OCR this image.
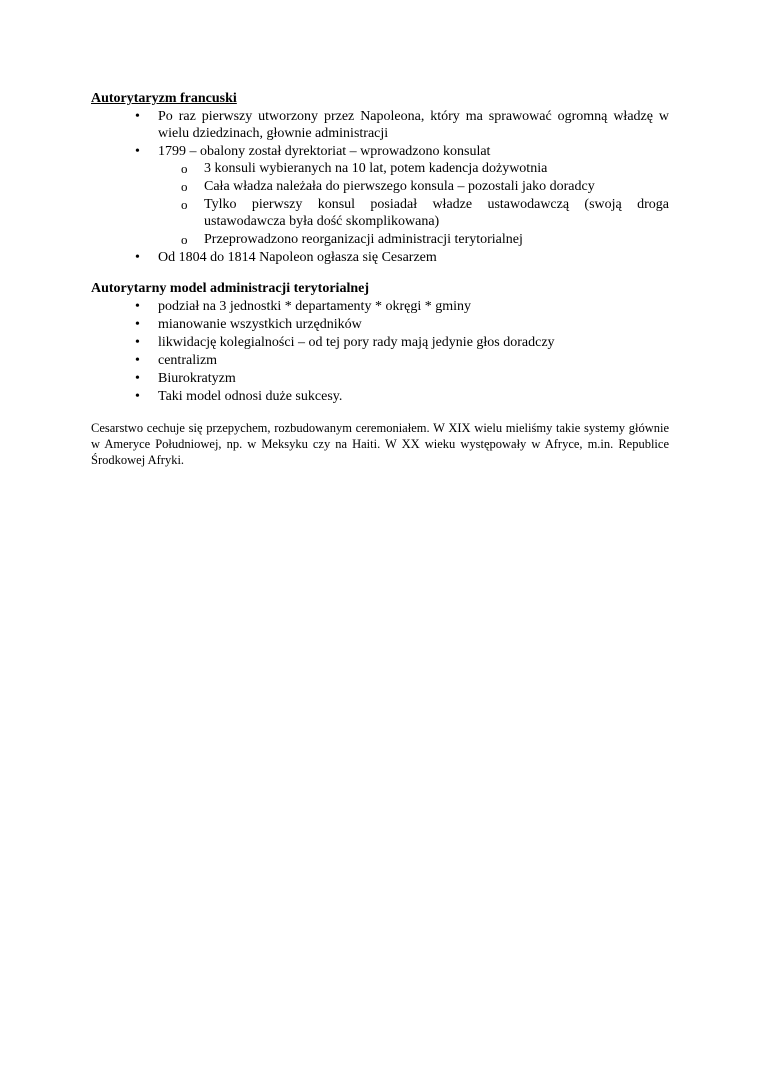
Autorytaryzm francuski
• Po raz pierwszy utworzony przez Napoleona, który ma sprawować ogromną władzę w wielu dziedzinach, głownie administracji
• 1799 – obalony został dyrektoriat – wprowadzono konsulat
o 3 konsuli wybieranych na 10 lat, potem kadencja dożywotnia
o Cała władza należała do pierwszego konsula – pozostali jako doradcy
o Tylko pierwszy konsul posiadał władze ustawodawczą (swoją droga ustawodawcza była dość skomplikowana)
o Przeprowadzono reorganizacji administracji terytorialnej
• Od 1804 do 1814 Napoleon ogłasza się Cesarzem
Autorytarny model administracji terytorialnej
• podział na 3 jednostki * departamenty * okręgi * gminy
• mianowanie wszystkich urzędników
• likwidację kolegialności – od tej pory rady mają jedynie głos doradczy
• centralizm
• Biurokratyzm
• Taki model odnosi duże sukcesy.

Cesarstwo cechuje się przepychem, rozbudowanym ceremoniałem. W XIX wielu mieliśmy takie systemy głównie w Ameryce Południowej, np. w Meksyku czy na Haiti. W XX wieku występowały w Afryce, m.in. Republice Środkowej Afryki.
